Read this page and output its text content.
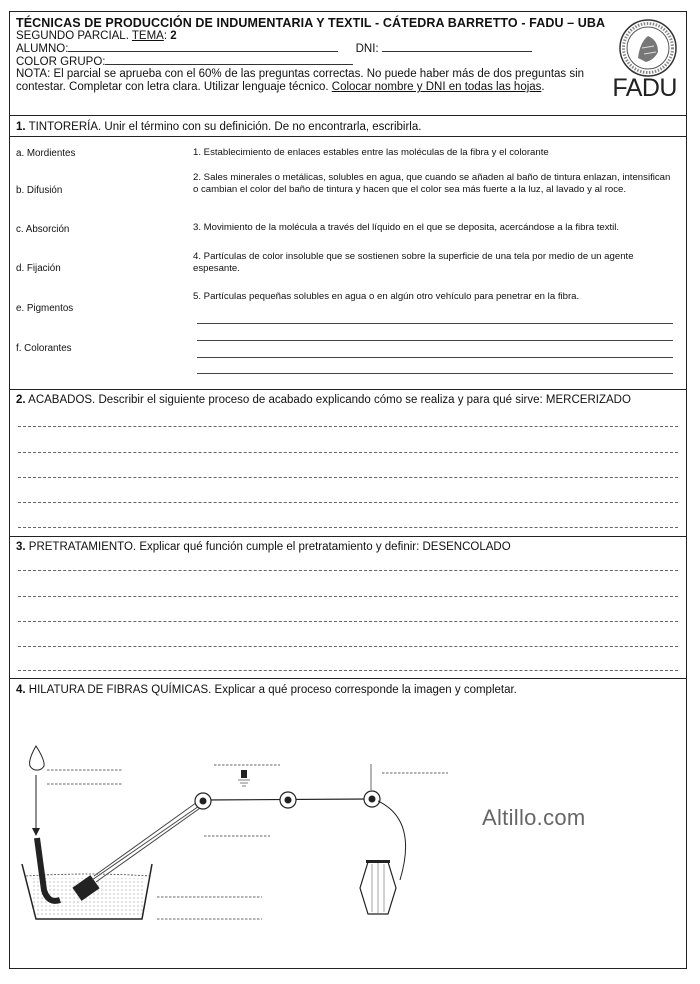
TÉCNICAS DE PRODUCCIÓN DE INDUMENTARIA Y TEXTIL - CÁTEDRA BARRETTO - FADU – UBA
SEGUNDO PARCIAL. TEMA: 2
ALUMNO:	DNI:
COLOR GRUPO:
NOTA: El parcial se aprueba con el 60% de las preguntas correctas. No puede haber más de dos preguntas sin contestar. Completar con letra clara. Utilizar lenguaje técnico. Colocar nombre y DNI en todas las hojas.	FADU
1. TINTORERÍA. Unir el término con su definición. De no encontrarla, escribirla.
a. Mordientes
b. Difusión
c. Absorción
d. Fijación
e. Pigmentos
f. Colorantes
1. Establecimiento de enlaces estables entre las moléculas de la fibra y el colorante
2. Sales minerales o metálicas, solubles en agua, que cuando se añaden al baño de tintura enlazan, intensifican o cambian el color del baño de tintura y hacen que el color sea más fuerte a la luz, al lavado y al roce.
3. Movimiento de la molécula a través del líquido en el que se deposita, acercándose a la fibra textil.
4. Partículas de color insoluble que se sostienen sobre la superficie de una tela por medio de un agente espesante.
5. Partículas pequeñas solubles en agua o en algún otro vehículo para penetrar en la fibra.
2. ACABADOS. Describir el siguiente proceso de acabado explicando cómo se realiza y para qué sirve: MERCERIZADO
3. PRETRATAMIENTO. Explicar qué función cumple el pretratamiento y definir: DESENCOLADO
4. HILATURA DE FIBRAS QUÍMICAS. Explicar a qué proceso corresponde la imagen y completar.
Altillo.com
